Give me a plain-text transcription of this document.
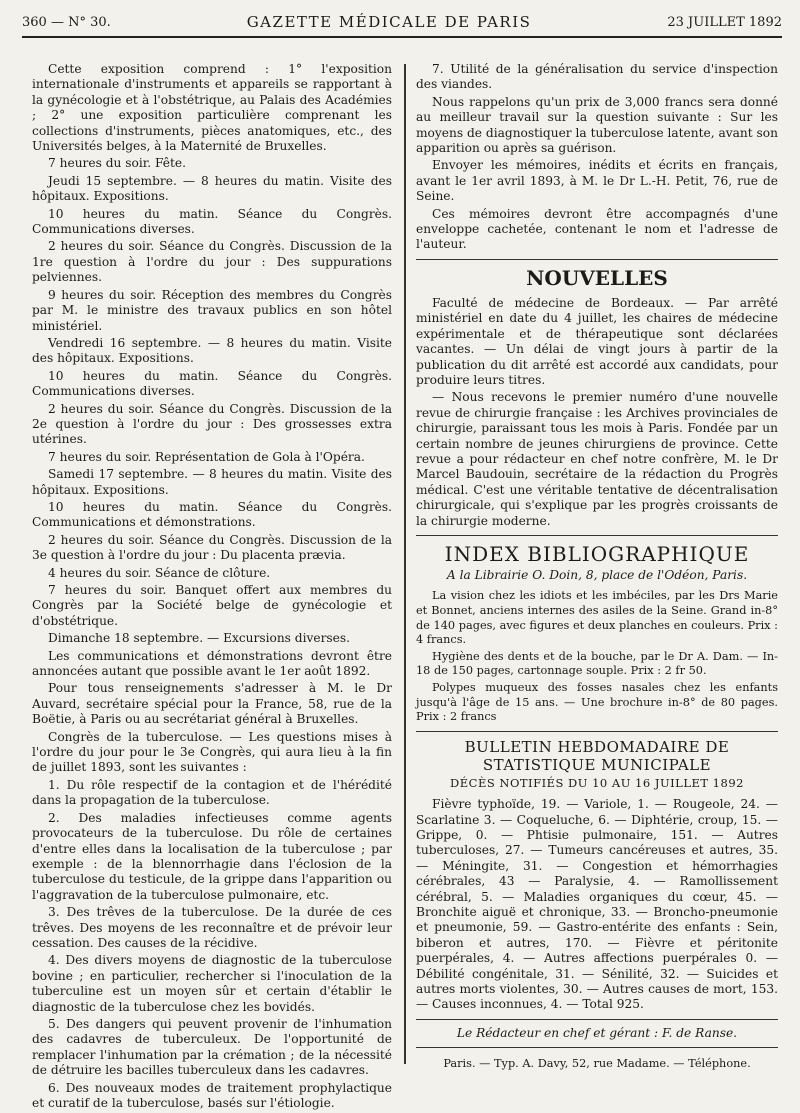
360 — N° 30.	GAZETTE MÉDICALE DE PARIS	23 JUILLET 1892

Cette exposition comprend : 1° l'exposition internationale d'instruments et appareils se rapportant à la gynécologie et à l'obstétrique, au Palais des Académies ; 2° une exposition particulière comprenant les collections d'instruments, pièces anatomiques, etc., des Universités belges, à la Maternité de Bruxelles.

7 heures du soir. Fête.

Jeudi 15 septembre. — 8 heures du matin. Visite des hôpitaux. Expositions.

10 heures du matin. Séance du Congrès. Communications diverses.

2 heures du soir. Séance du Congrès. Discussion de la 1re question à l'ordre du jour : Des suppurations pelviennes.

9 heures du soir. Réception des membres du Congrès par M. le ministre des travaux publics en son hôtel ministériel.

Vendredi 16 septembre. — 8 heures du matin. Visite des hôpitaux. Expositions.

10 heures du matin. Séance du Congrès. Communications diverses.

2 heures du soir. Séance du Congrès. Discussion de la 2e question à l'ordre du jour : Des grossesses extra utérines.

7 heures du soir. Représentation de Gola à l'Opéra.

Samedi 17 septembre. — 8 heures du matin. Visite des hôpitaux. Expositions.

10 heures du matin. Séance du Congrès. Communications et démonstrations.

2 heures du soir. Séance du Congrès. Discussion de la 3e question à l'ordre du jour : Du placenta prævia.

4 heures du soir. Séance de clôture.

7 heures du soir. Banquet offert aux membres du Congrès par la Société belge de gynécologie et d'obstétrique.

Dimanche 18 septembre. — Excursions diverses.

Les communications et démonstrations devront être annoncées autant que possible avant le 1er août 1892.

Pour tous renseignements s'adresser à M. le Dr Auvard, secrétaire spécial pour la France, 58, rue de la Boëtie, à Paris ou au secrétariat général à Bruxelles.

Congrès de la tuberculose. — Les questions mises à l'ordre du jour pour le 3e Congrès, qui aura lieu à la fin de juillet 1893, sont les suivantes :

1. Du rôle respectif de la contagion et de l'hérédité dans la propagation de la tuberculose.

2. Des maladies infectieuses comme agents provocateurs de la tuberculose. Du rôle de certaines d'entre elles dans la localisation de la tuberculose ; par exemple : de la blennorrhagie dans l'éclosion de la tuberculose du testicule, de la grippe dans l'apparition ou l'aggravation de la tuberculose pulmonaire, etc.

3. Des trêves de la tuberculose. De la durée de ces trêves. Des moyens de les reconnaître et de prévoir leur cessation. Des causes de la récidive.

4. Des divers moyens de diagnostic de la tuberculose bovine ; en particulier, rechercher si l'inoculation de la tuberculine est un moyen sûr et certain d'établir le diagnostic de la tuberculose chez les bovidés.

5. Des dangers qui peuvent provenir de l'inhumation des cadavres de tuberculeux. De l'opportunité de remplacer l'inhumation par la crémation ; de la nécessité de détruire les bacilles tuberculeux dans les cadavres.

6. Des nouveaux modes de traitement prophylactique et curatif de la tuberculose, basés sur l'étiologie.

7. Utilité de la généralisation du service d'inspection des viandes.

Nous rappelons qu'un prix de 3,000 francs sera donné au meilleur travail sur la question suivante : Sur les moyens de diagnostiquer la tuberculose latente, avant son apparition ou après sa guérison.

Envoyer les mémoires, inédits et écrits en français, avant le 1er avril 1893, à M. le Dr L.-H. Petit, 76, rue de Seine.

Ces mémoires devront être accompagnés d'une enveloppe cachetée, contenant le nom et l'adresse de l'auteur.

NOUVELLES

Faculté de médecine de Bordeaux. — Par arrêté ministériel en date du 4 juillet, les chaires de médecine expérimentale et de thérapeutique sont déclarées vacantes. — Un délai de vingt jours à partir de la publication du dit arrêté est accordé aux candidats, pour produire leurs titres.

— Nous recevons le premier numéro d'une nouvelle revue de chirurgie française : les Archives provinciales de chirurgie, paraissant tous les mois à Paris. Fondée par un certain nombre de jeunes chirurgiens de province. Cette revue a pour rédacteur en chef notre confrère, M. le Dr Marcel Baudouin, secrétaire de la rédaction du Progrès médical. C'est une véritable tentative de décentralisation chirurgicale, qui s'explique par les progrès croissants de la chirurgie moderne.

INDEX BIBLIOGRAPHIQUE
A la Librairie O. Doin, 8, place de l'Odéon, Paris.

La vision chez les idiots et les imbéciles, par les Drs Marie et Bonnet, anciens internes des asiles de la Seine. Grand in-8° de 140 pages, avec figures et deux planches en couleurs. Prix : 4 francs.

Hygiène des dents et de la bouche, par le Dr A. Dam. — In-18 de 150 pages, cartonnage souple. Prix : 2 fr 50.

Polypes muqueux des fosses nasales chez les enfants jusqu'à l'âge de 15 ans. — Une brochure in-8° de 80 pages. Prix : 2 francs

BULLETIN HEBDOMADAIRE DE STATISTIQUE MUNICIPALE
DÉCÈS NOTIFIÉS DU 10 AU 16 JUILLET 1892

Fièvre typhoïde, 19. — Variole, 1. — Rougeole, 24. — Scarlatine 3. — Coqueluche, 6. — Diphtérie, croup, 15. — Grippe, 0. — Phtisie pulmonaire, 151. — Autres tuberculoses, 27. — Tumeurs cancéreuses et autres, 35. — Méningite, 31. — Congestion et hémorrhagies cérébrales, 43 — Paralysie, 4. — Ramollissement cérébral, 5. — Maladies organiques du cœur, 45. — Bronchite aiguë et chronique, 33. — Broncho-pneumonie et pneumonie, 59. — Gastro-entérite des enfants : Sein, biberon et autres, 170. — Fièvre et péritonite puerpérales, 4. — Autres affections puerpérales 0. — Débilité congénitale, 31. — Sénilité, 32. — Suicides et autres morts violentes, 30. — Autres causes de mort, 153. — Causes inconnues, 4. — Total 925.

Le Rédacteur en chef et gérant : F. de Ranse.
Paris. — Typ. A. Davy, 52, rue Madame. — Téléphone.
